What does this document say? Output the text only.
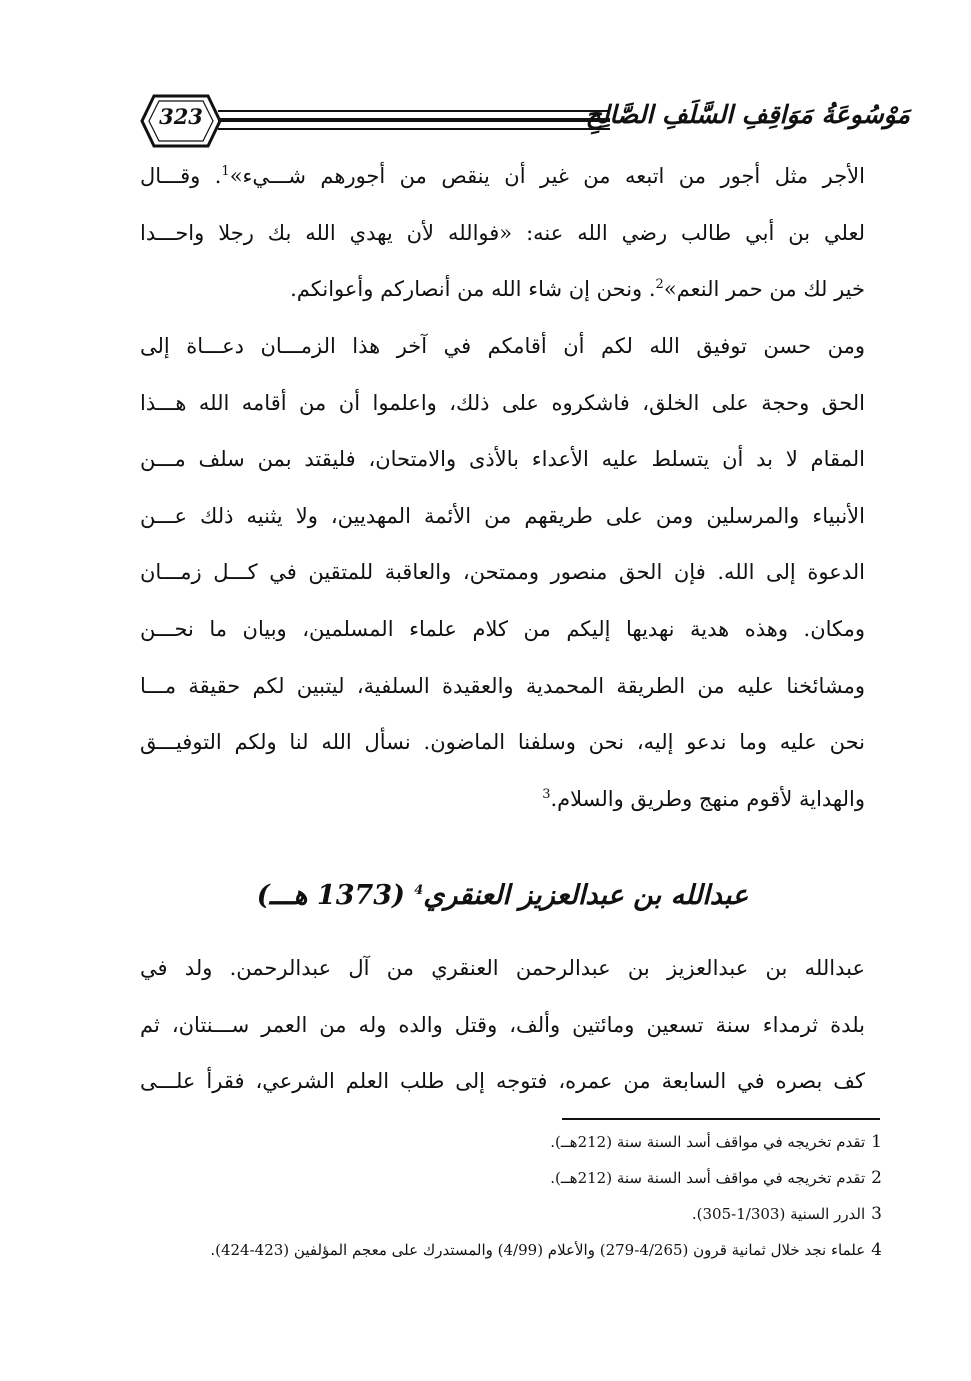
323	مَوْسُوعَةُ مَوَاقِفِ السَّلَفِ الصَّالِحِ
الأجر مثل أجور من اتبعه من غير أن ينقص من أجورهم شـــيء»$^1$. وقـــال
لعلي بن أبي طالب رضي الله عنه: «فوالله لأن يهدي الله بك رجلا واحـــدا
خير لك من حمر النعم»$^2$. ونحن إن شاء الله من أنصاركم وأعوانكم.
ومن حسن توفيق الله لكم أن أقامكم في آخر هذا الزمـــان دعـــاة إلى
الحق وحجة على الخلق، فاشكروه على ذلك، واعلموا أن من أقامه الله هـــذا
المقام لا بد أن يتسلط عليه الأعداء بالأذى والامتحان، فليقتد بمن سلف مـــن
الأنبياء والمرسلين ومن على طريقهم من الأئمة المهديين، ولا يثنيه ذلك عـــن
الدعوة إلى الله. فإن الحق منصور وممتحن، والعاقبة للمتقين في كـــل زمـــان
ومكان. وهذه هدية نهديها إليكم من كلام علماء المسلمين، وبيان ما نحـــن
ومشائخنا عليه من الطريقة المحمدية والعقيدة السلفية، ليتبين لكم حقيقة مـــا
نحن عليه وما ندعو إليه، نحن وسلفنا الماضون. نسأل الله لنا ولكم التوفيـــق
والهداية لأقوم منهج وطريق والسلام.$^3$
عبدالله بن عبدالعزيز العنقري$^4$ (1373 هـــ)
عبدالله بن عبدالعزيز بن عبدالرحمن العنقري من آل عبدالرحمن. ولد في
بلدة ثرمداء سنة تسعين ومائتين وألف، وقتل والده وله من العمر ســـنتان، ثم
كف بصره في السابعة من عمره، فتوجه إلى طلب العلم الشرعي، فقرأ علـــى
1تقدم تخريجه في مواقف أسد السنة سنة (212هــ).
2تقدم تخريجه في مواقف أسد السنة سنة (212هــ).
3الدرر السنية (1/303-305).
4علماء نجد خلال ثمانية قرون (4/265-279) والأعلام (4/99) والمستدرك على معجم المؤلفين (423-424).
